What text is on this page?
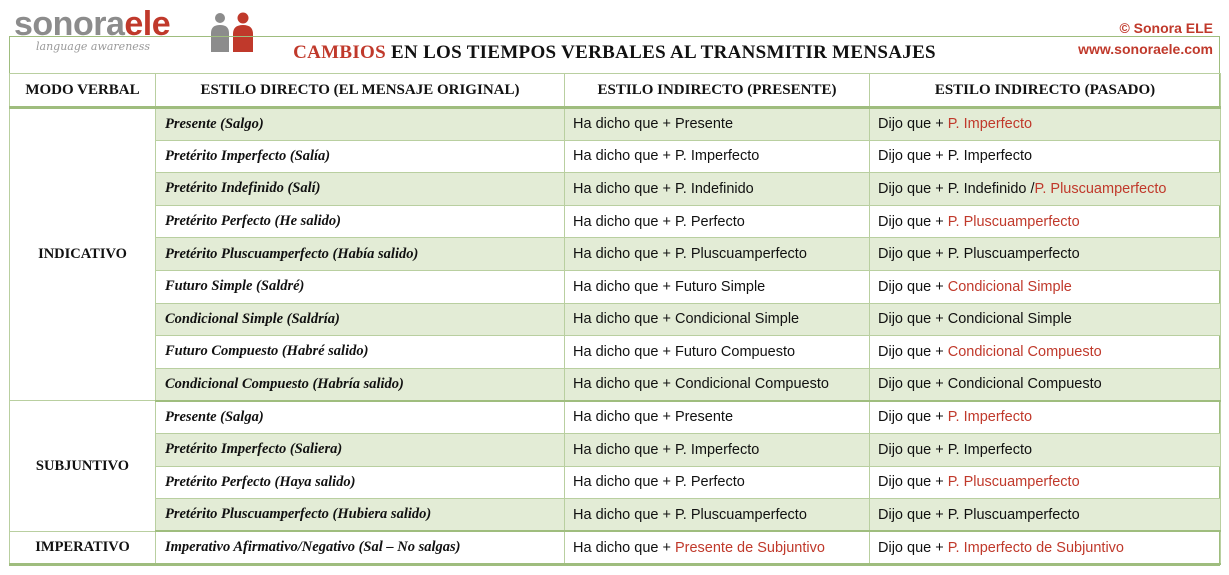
sonoraele
language awareness
© Sonora ELE
www.sonoraele.com
CAMBIOS EN LOS TIEMPOS VERBALES AL TRANSMITIR MENSAJES
MODO VERBAL	ESTILO DIRECTO (EL MENSAJE ORIGINAL)	ESTILO INDIRECTO (PRESENTE)	ESTILO INDIRECTO (PASADO)
INDICATIVO	Presente (Salgo)	Ha dicho que + Presente	Dijo que + P. Imperfecto
	Pretérito Imperfecto (Salía)	Ha dicho que + P. Imperfecto	Dijo que + P. Imperfecto
	Pretérito Indefinido (Salí)	Ha dicho que + P. Indefinido	Dijo que + P. Indefinido /P. Pluscuamperfecto
	Pretérito Perfecto (He salido)	Ha dicho que + P. Perfecto	Dijo que + P. Pluscuamperfecto
	Pretérito Pluscuamperfecto (Había salido)	Ha dicho que + P. Pluscuamperfecto	Dijo que + P. Pluscuamperfecto
	Futuro Simple (Saldré)	Ha dicho que + Futuro Simple	Dijo que + Condicional Simple
	Condicional Simple (Saldría)	Ha dicho que + Condicional Simple	Dijo que + Condicional Simple
	Futuro Compuesto (Habré salido)	Ha dicho que + Futuro Compuesto	Dijo que + Condicional Compuesto
	Condicional Compuesto (Habría salido)	Ha dicho que + Condicional Compuesto	Dijo que + Condicional Compuesto
SUBJUNTIVO	Presente (Salga)	Ha dicho que + Presente	Dijo que + P. Imperfecto
	Pretérito Imperfecto (Saliera)	Ha dicho que + P. Imperfecto	Dijo que + P. Imperfecto
	Pretérito Perfecto (Haya salido)	Ha dicho que + P. Perfecto	Dijo que + P. Pluscuamperfecto
	Pretérito Pluscuamperfecto (Hubiera salido)	Ha dicho que + P. Pluscuamperfecto	Dijo que + P. Pluscuamperfecto
IMPERATIVO	Imperativo Afirmativo/Negativo (Sal – No salgas)	Ha dicho que + Presente de Subjuntivo	Dijo que + P. Imperfecto de Subjuntivo
